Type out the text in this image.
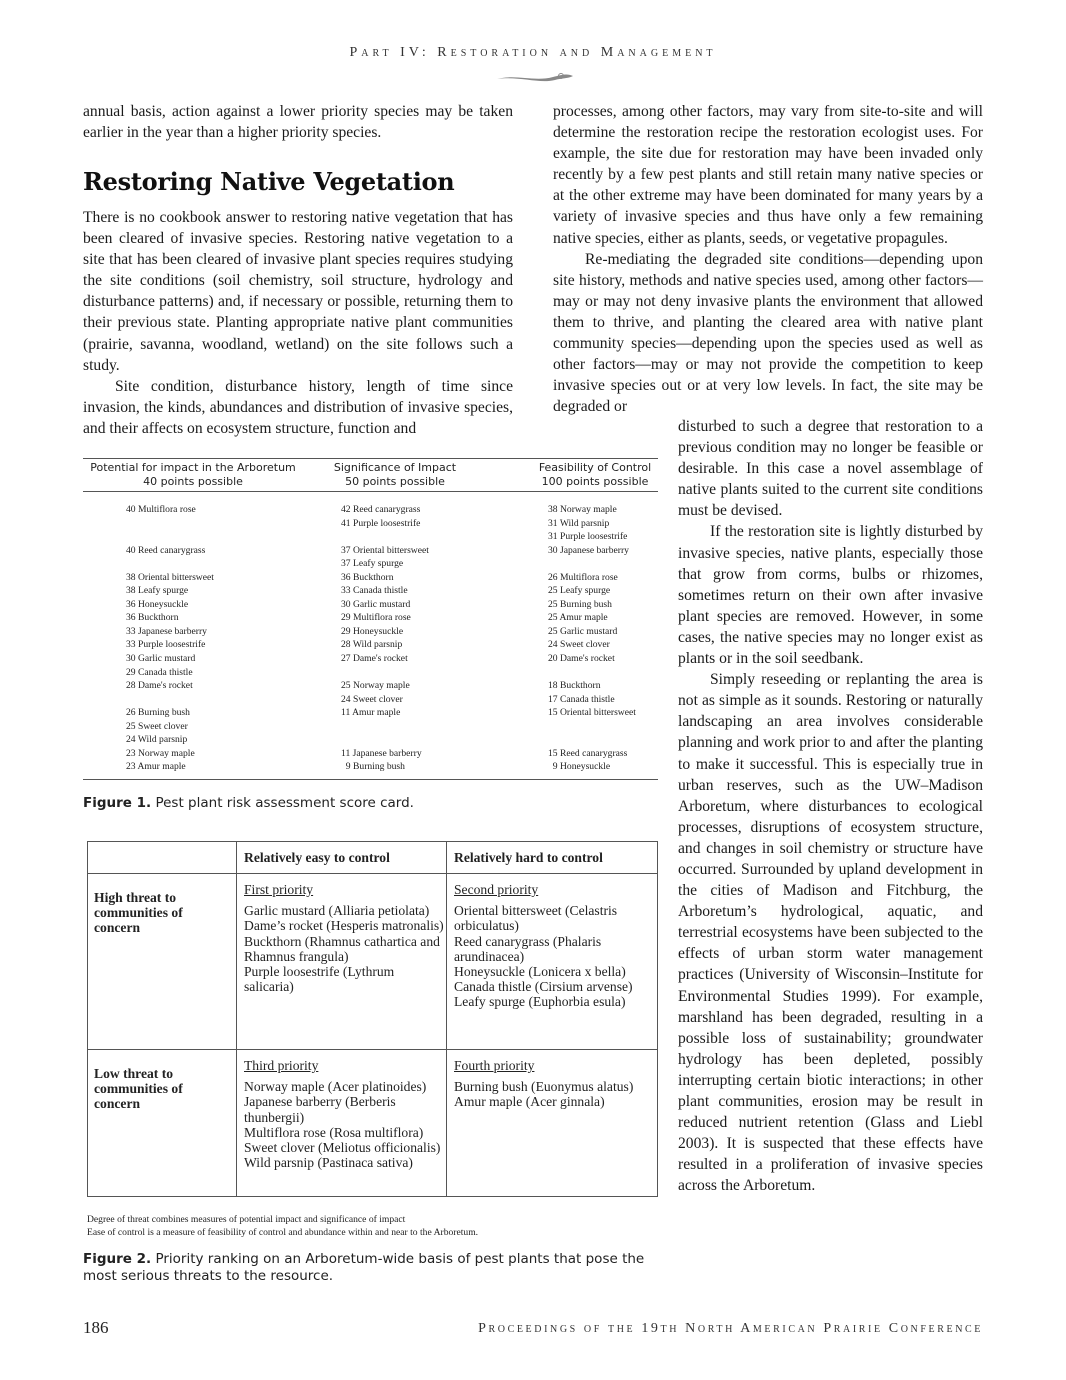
Part IV: Restoration and Management

annual basis, action against a lower priority species may be taken earlier in the year than a higher priority species.

Restoring Native Vegetation

There is no cookbook answer to restoring native vegetation that has been cleared of invasive species. Restoring native vegetation to a site that has been cleared of invasive plant species requires studying the site conditions (soil chemistry, soil structure, hydrology and disturbance patterns) and, if necessary or possible, returning them to their previous state. Planting appropriate native plant communities (prairie, savanna, woodland, wetland) on the site follows such a study.

Site condition, disturbance history, length of time since invasion, the kinds, abundances and distribution of invasive species, and their affects on ecosystem structure, function and

processes, among other factors, may vary from site-to-site and will determine the restoration recipe the restoration ecologist uses. For example, the site due for restoration may have been invaded only recently by a few pest plants and still retain many native species or at the other extreme may have been dominated for many years by a variety of invasive species and thus have only a few remaining native species, either as plants, seeds, or vegetative propagules.

Re-mediating the degraded site conditions—depending upon site history, methods and native species used, among other factors—may or may not deny invasive plants the environment that allowed them to thrive, and planting the cleared area with native plant community species—depending upon the species used as well as other factors—may or may not provide the competition to keep invasive species out or at very low levels. In fact, the site may be degraded or

disturbed to such a degree that restoration to a previous condition may no longer be feasible or desirable. In this case a novel assemblage of native plants suited to the current site conditions must be devised.

If the restoration site is lightly disturbed by invasive species, native plants, especially those that grow from corms, bulbs or rhizomes, sometimes return on their own after invasive plant species are removed. However, in some cases, the native species may no longer exist as plants or in the soil seedbank.

Simply reseeding or replanting the area is not as simple as it sounds. Restoring or naturally landscaping an area involves considerable planning and work prior to and after the planting to make it successful. This is especially true in urban reserves, such as the UW–Madison Arboretum, where disturbances to ecological processes, disruptions of ecosystem structure, and changes in soil chemistry or structure have occurred. Surrounded by upland development in the cities of Madison and Fitchburg, the Arboretum’s hydrological, aquatic, and terrestrial ecosystems have been subjected to the effects of urban storm water management practices (University of Wisconsin–Institute for Environmental Studies 1999). For example, marshland has been degraded, resulting in a possible loss of sustainability; groundwater hydrology has been depleted, possibly interrupting certain biotic interactions; in other plant communities, erosion may be result in reduced nutrient retention (Glass and Liebl 2003). It is suspected that these effects have resulted in a proliferation of invasive species across the Arboretum.

Potential for impact in the Arboretum
40 points possible
Significance of Impact
50 points possible
Feasibility of Control
100 points possible
40 Multiflora rose
40 Reed canarygrass
38 Oriental bittersweet
38 Leafy spurge
36 Honeysuckle
36 Buckthorn
33 Japanese barberry
33 Purple loosestrife
30 Garlic mustard
29 Canada thistle
28 Dame's rocket
26 Burning bush
25 Sweet clover
24 Wild parsnip
23 Norway maple
23 Amur maple
42 Reed canarygrass
41 Purple loosestrife
37 Oriental bittersweet
37 Leafy spurge
36 Buckthorn
33 Canada thistle
30 Garlic mustard
29 Multiflora rose
29 Honeysuckle
28 Wild parsnip
27 Dame's rocket
25 Norway maple
24 Sweet clover
11 Amur maple
11 Japanese barberry
9 Burning bush
38 Norway maple
31 Wild parsnip
31 Purple loosestrife
30 Japanese barberry
26 Multiflora rose
25 Leafy spurge
25 Burning bush
25 Amur maple
25 Garlic mustard
24 Sweet clover
20 Dame's rocket
18 Buckthorn
17 Canada thistle
15 Oriental bittersweet
15 Reed canarygrass
9 Honeysuckle
Figure 1. Pest plant risk assessment score card.
Relatively easy to control	Relatively hard to control
High threat to communities of concern
Low threat to communities of concern
First priority
Garlic mustard (Alliaria petiolata)
Dame’s rocket (Hesperis matronalis)
Buckthorn (Rhamnus cathartica and Rhamnus frangula)
Purple loosestrife (Lythrum salicaria)
Second priority
Oriental bittersweet (Celastris orbiculatus)
Reed canarygrass (Phalaris arundinacea)
Honeysuckle (Lonicera x bella)
Canada thistle (Cirsium arvense)
Leafy spurge (Euphorbia esula)
Third priority
Norway maple (Acer platinoides)
Japanese barberry (Berberis thunbergii)
Multiflora rose (Rosa multiflora)
Sweet clover (Meliotus officionalis)
Wild parsnip (Pastinaca sativa)
Fourth priority
Burning bush (Euonymus alatus)
Amur maple (Acer ginnala)
Degree of threat combines measures of potential impact and significance of impact
Ease of control is a measure of feasibility of control and abundance within and near to the Arboretum.
Figure 2. Priority ranking on an Arboretum-wide basis of pest plants that pose the most serious threats to the resource.
186	Proceedings of the 19th North American Prairie Conference
